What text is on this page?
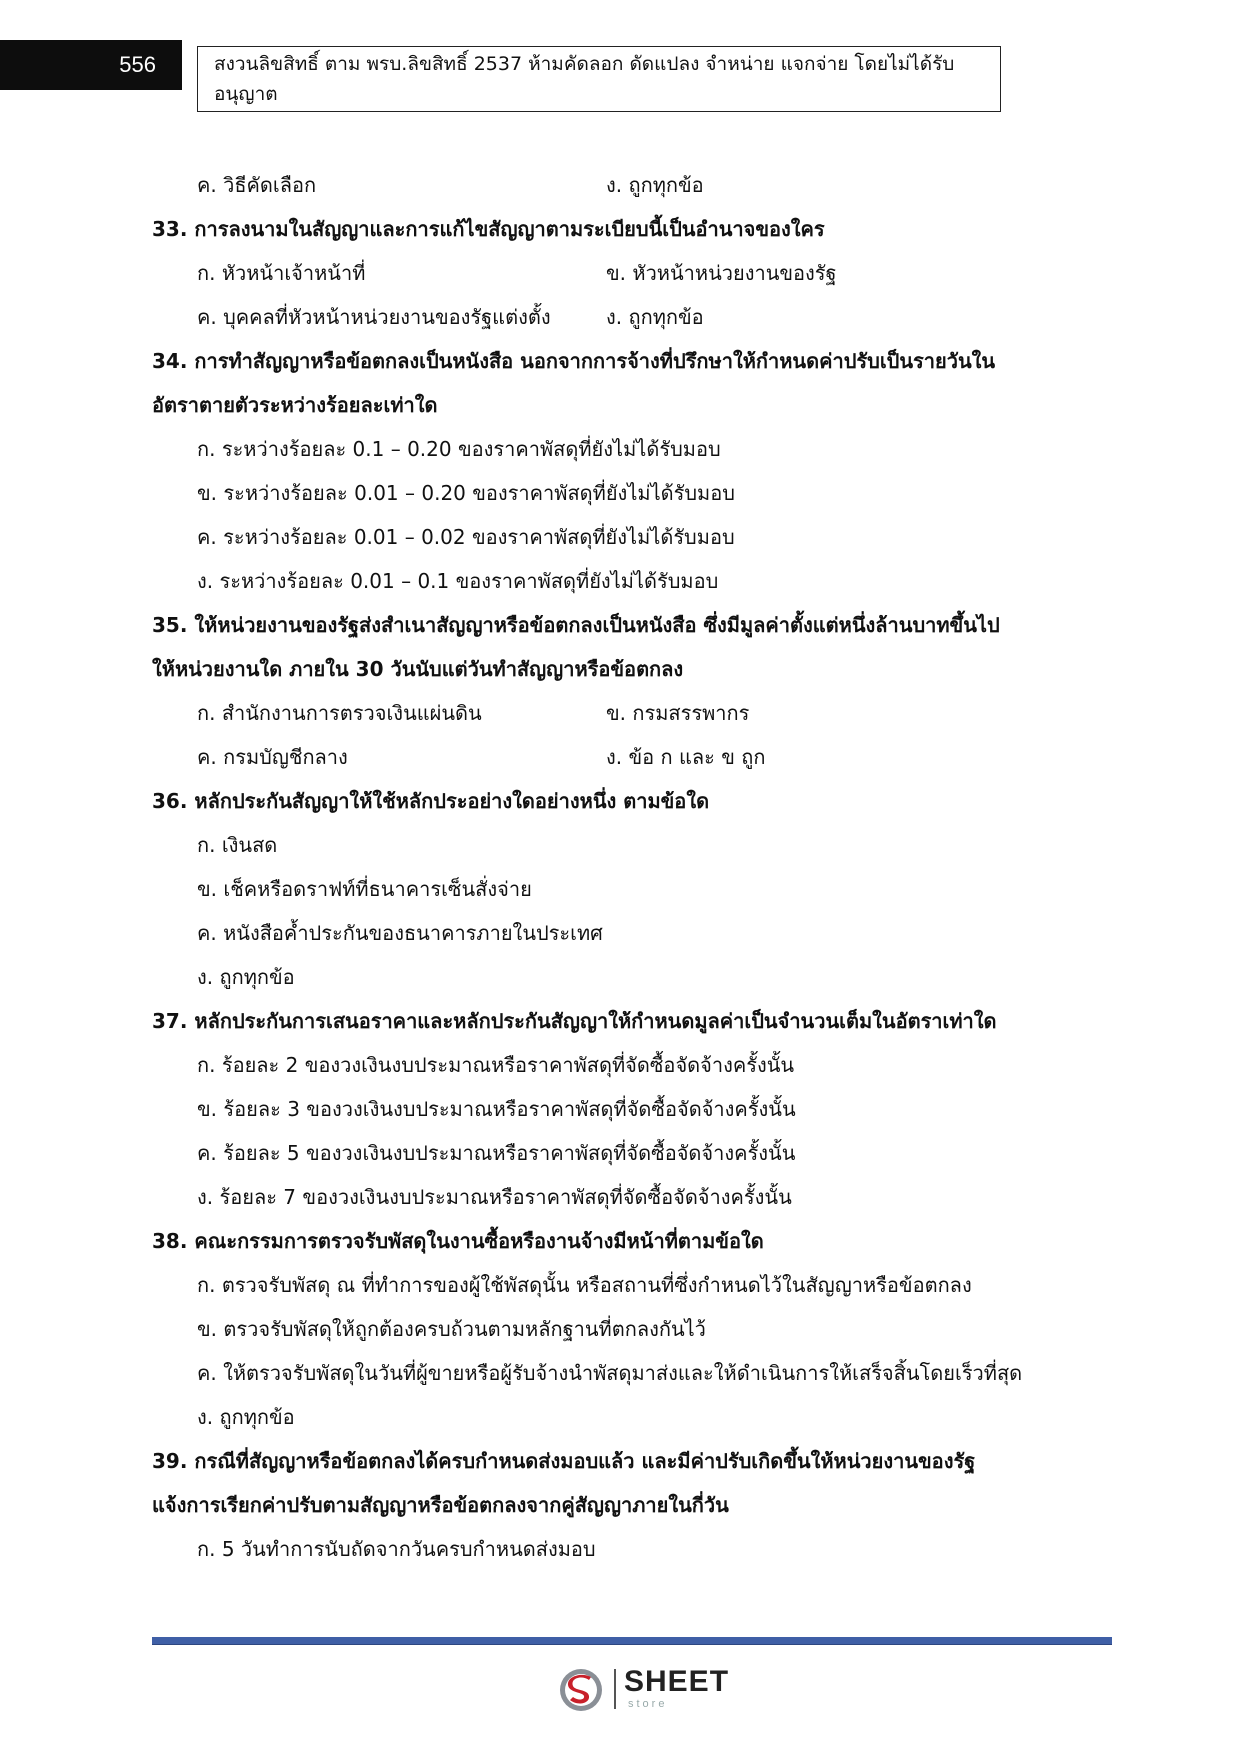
556	สงวนลิขสิทธิ์ ตาม พรบ.ลิขสิทธิ์ 2537 ห้ามคัดลอก ดัดแปลง จำหน่าย แจกจ่าย โดยไม่ได้รับอนุญาต
ค. วิธีคัดเลือก	ง. ถูกทุกข้อ
33. การลงนามในสัญญาและการแก้ไขสัญญาตามระเบียบนี้เป็นอำนาจของใคร
ก. หัวหน้าเจ้าหน้าที่	ข. หัวหน้าหน่วยงานของรัฐ
ค. บุคคลที่หัวหน้าหน่วยงานของรัฐแต่งตั้ง	ง. ถูกทุกข้อ
34. การทำสัญญาหรือข้อตกลงเป็นหนังสือ นอกจากการจ้างที่ปรึกษาให้กำหนดค่าปรับเป็นรายวันใน
อัตราตายตัวระหว่างร้อยละเท่าใด
ก. ระหว่างร้อยละ 0.1 – 0.20 ของราคาพัสดุที่ยังไม่ได้รับมอบ
ข. ระหว่างร้อยละ 0.01 – 0.20 ของราคาพัสดุที่ยังไม่ได้รับมอบ
ค. ระหว่างร้อยละ 0.01 – 0.02 ของราคาพัสดุที่ยังไม่ได้รับมอบ
ง. ระหว่างร้อยละ 0.01 – 0.1 ของราคาพัสดุที่ยังไม่ได้รับมอบ
35. ให้หน่วยงานของรัฐส่งสำเนาสัญญาหรือข้อตกลงเป็นหนังสือ ซึ่งมีมูลค่าตั้งแต่หนึ่งล้านบาทขึ้นไป
ให้หน่วยงานใด ภายใน 30 วันนับแต่วันทำสัญญาหรือข้อตกลง
ก. สำนักงานการตรวจเงินแผ่นดิน	ข. กรมสรรพากร
ค. กรมบัญชีกลาง	ง. ข้อ ก และ ข ถูก
36. หลักประกันสัญญาให้ใช้หลักประอย่างใดอย่างหนึ่ง ตามข้อใด
ก. เงินสด
ข. เช็คหรือดราฟท์ที่ธนาคารเซ็นสั่งจ่าย
ค. หนังสือค้ำประกันของธนาคารภายในประเทศ
ง. ถูกทุกข้อ
37. หลักประกันการเสนอราคาและหลักประกันสัญญาให้กำหนดมูลค่าเป็นจำนวนเต็มในอัตราเท่าใด
ก. ร้อยละ 2 ของวงเงินงบประมาณหรือราคาพัสดุที่จัดซื้อจัดจ้างครั้งนั้น
ข. ร้อยละ 3 ของวงเงินงบประมาณหรือราคาพัสดุที่จัดซื้อจัดจ้างครั้งนั้น
ค. ร้อยละ 5 ของวงเงินงบประมาณหรือราคาพัสดุที่จัดซื้อจัดจ้างครั้งนั้น
ง. ร้อยละ 7 ของวงเงินงบประมาณหรือราคาพัสดุที่จัดซื้อจัดจ้างครั้งนั้น
38. คณะกรรมการตรวจรับพัสดุในงานซื้อหรืองานจ้างมีหน้าที่ตามข้อใด
ก. ตรวจรับพัสดุ ณ ที่ทำการของผู้ใช้พัสดุนั้น หรือสถานที่ซึ่งกำหนดไว้ในสัญญาหรือข้อตกลง
ข. ตรวจรับพัสดุให้ถูกต้องครบถ้วนตามหลักฐานที่ตกลงกันไว้
ค. ให้ตรวจรับพัสดุในวันที่ผู้ขายหรือผู้รับจ้างนำพัสดุมาส่งและให้ดำเนินการให้เสร็จสิ้นโดยเร็วที่สุด
ง. ถูกทุกข้อ
39. กรณีที่สัญญาหรือข้อตกลงได้ครบกำหนดส่งมอบแล้ว และมีค่าปรับเกิดขึ้นให้หน่วยงานของรัฐ
แจ้งการเรียกค่าปรับตามสัญญาหรือข้อตกลงจากคู่สัญญาภายในกี่วัน
ก. 5 วันทำการนับถัดจากวันครบกำหนดส่งมอบ
SHEET
store
